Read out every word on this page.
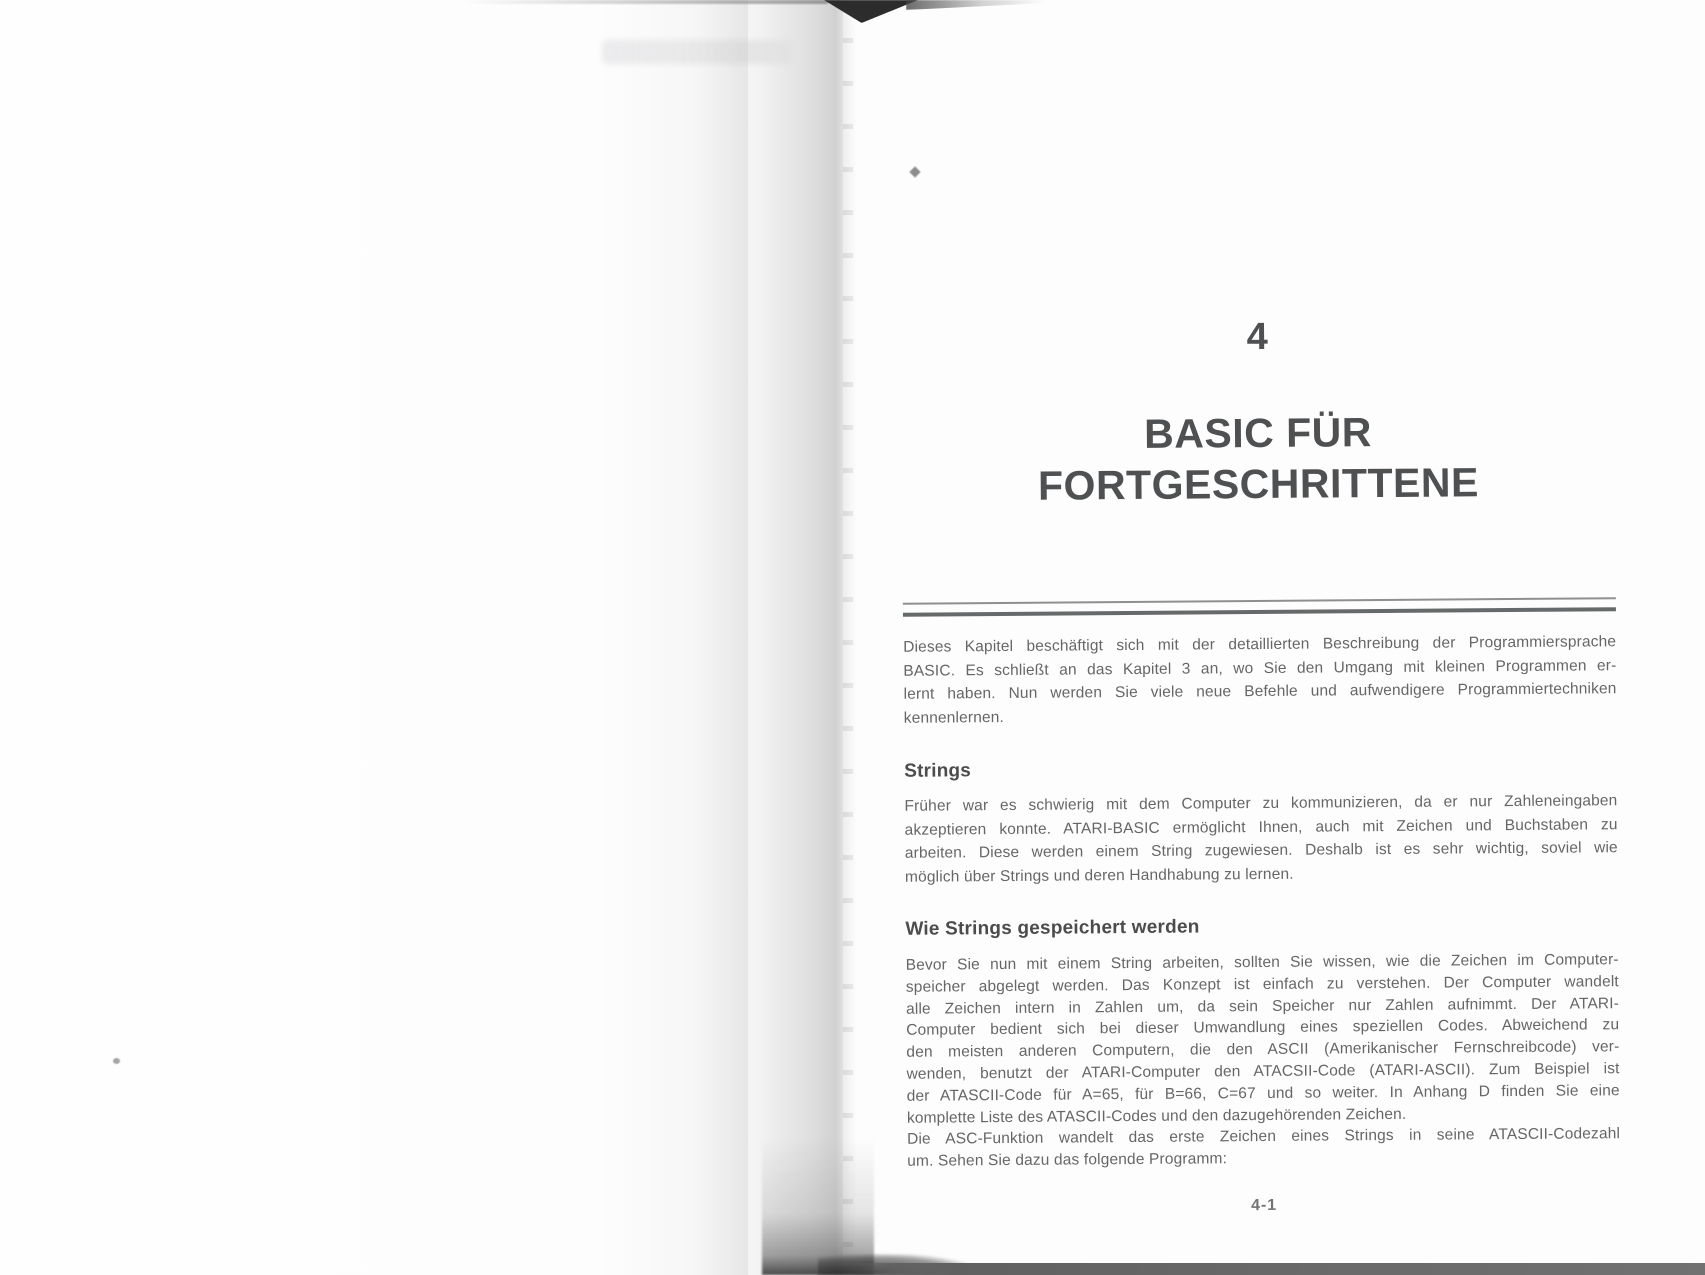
4
BASIC FÜR
FORTGESCHRITTENE
Dieses Kapitel beschäftigt sich mit der detaillierten Beschreibung der Programmiersprache
BASIC. Es schließt an das Kapitel 3 an, wo Sie den Umgang mit kleinen Programmen er-
lernt haben. Nun werden Sie viele neue Befehle und aufwendigere Programmiertechniken
kennenlernen.
Strings
Früher war es schwierig mit dem Computer zu kommunizieren, da er nur Zahleneingaben
akzeptieren konnte. ATARI-BASIC ermöglicht Ihnen, auch mit Zeichen und Buchstaben zu
arbeiten. Diese werden einem String zugewiesen. Deshalb ist es sehr wichtig, soviel wie
möglich über Strings und deren Handhabung zu lernen.
Wie Strings gespeichert werden
Bevor Sie nun mit einem String arbeiten, sollten Sie wissen, wie die Zeichen im Computer-
speicher abgelegt werden. Das Konzept ist einfach zu verstehen. Der Computer wandelt
alle Zeichen intern in Zahlen um, da sein Speicher nur Zahlen aufnimmt. Der ATARI-
Computer bedient sich bei dieser Umwandlung eines speziellen Codes. Abweichend zu
den meisten anderen Computern, die den ASCII (Amerikanischer Fernschreibcode) ver-
wenden, benutzt der ATARI-Computer den ATACSII-Code (ATARI-ASCII). Zum Beispiel ist
der ATASCII-Code für A=65, für B=66, C=67 und so weiter. In Anhang D finden Sie eine
komplette Liste des ATASCII-Codes und den dazugehörenden Zeichen.
Die ASC-Funktion wandelt das erste Zeichen eines Strings in seine ATASCII-Codezahl
um. Sehen Sie dazu das folgende Programm:
4-1
